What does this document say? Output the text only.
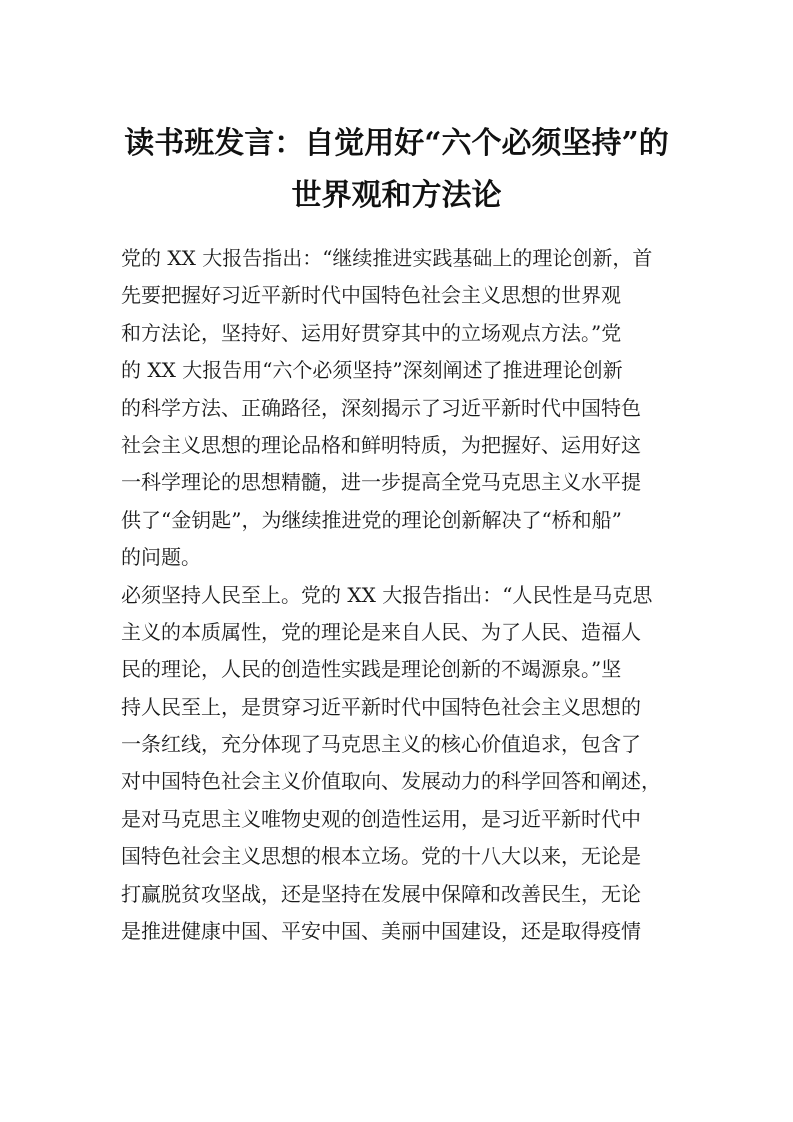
读书班发言：自觉用好“六个必须坚持”的
世界观和方法论
党的 XX 大报告指出：“继续推进实践基础上的理论创新，首
先要把握好习近平新时代中国特色社会主义思想的世界观
和方法论，坚持好、运用好贯穿其中的立场观点方法。”党
的 XX 大报告用“六个必须坚持”深刻阐述了推进理论创新
的科学方法、正确路径，深刻揭示了习近平新时代中国特色
社会主义思想的理论品格和鲜明特质，为把握好、运用好这
一科学理论的思想精髓，进一步提高全党马克思主义水平提
供了“金钥匙”，为继续推进党的理论创新解决了“桥和船”
的问题。
必须坚持人民至上。党的 XX 大报告指出：“人民性是马克思
主义的本质属性，党的理论是来自人民、为了人民、造福人
民的理论，人民的创造性实践是理论创新的不竭源泉。”坚
持人民至上，是贯穿习近平新时代中国特色社会主义思想的
一条红线，充分体现了马克思主义的核心价值追求，包含了
对中国特色社会主义价值取向、发展动力的科学回答和阐述，
是对马克思主义唯物史观的创造性运用，是习近平新时代中
国特色社会主义思想的根本立场。党的十八大以来，无论是
打赢脱贫攻坚战，还是坚持在发展中保障和改善民生，无论
是推进健康中国、平安中国、美丽中国建设，还是取得疫情
